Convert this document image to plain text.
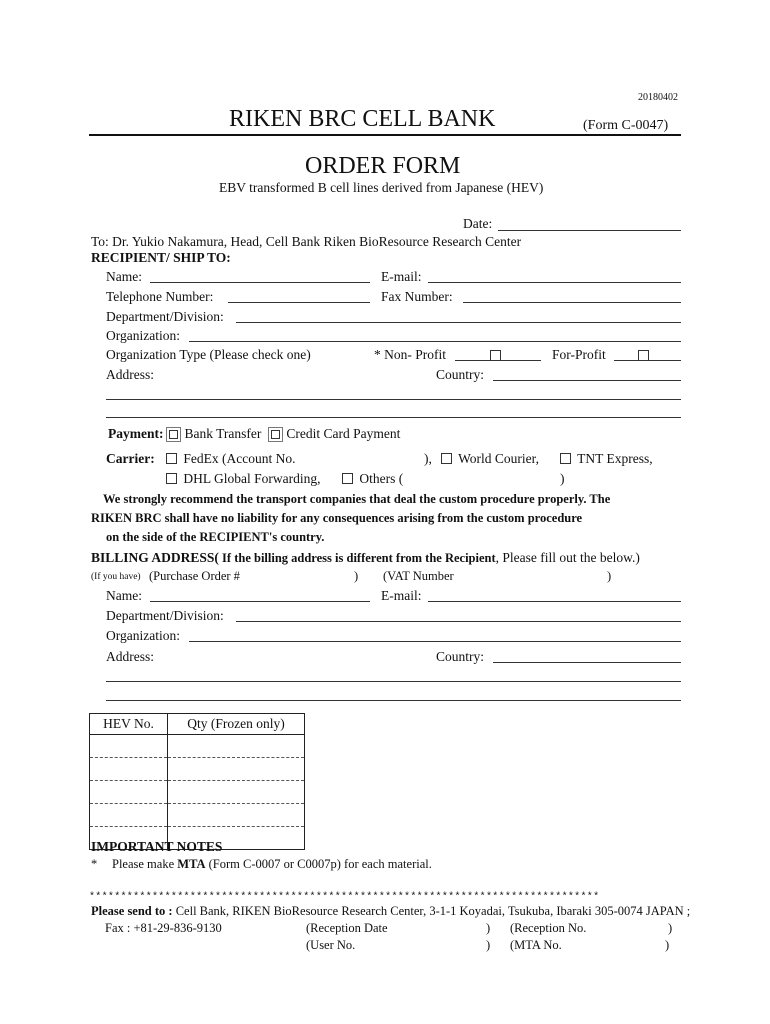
20180402
RIKEN BRC CELL BANK	(Form C-0047)
ORDER FORM
EBV transformed B cell lines derived from Japanese (HEV)
Date:
To: Dr. Yukio Nakamura, Head, Cell Bank Riken BioResource Research Center
RECIPIENT/ SHIP TO:
Name:	E-mail:
Telephone Number:	Fax Number:
Department/Division:
Organization:
Organization Type (Please check one)	* Non- Profit	For-Profit
Address:	Country:
Payment: Bank Transfer Credit Card Payment
Carrier:	FedEx (Account No.	),	World Courier,	TNT Express,
DHL Global Forwarding,	Others (	)
We strongly recommend the transport companies that deal the custom procedure properly. The
RIKEN BRC shall have no liability for any consequences arising from the custom procedure
on the side of the RECIPIENT's country.
BILLING ADDRESS( If the billing address is different from the Recipient, Please fill out the below.)
(If you have) (Purchase Order #	) (VAT Number	)
Name:	E-mail:
Department/Division:
Organization:
Address:	Country:
HEV No.	Qty (Frozen only)

IMPORTANT NOTES
* Please make MTA (Form C-0007 or C0007p) for each material.
*********************************************************************************
Please send to : Cell Bank, RIKEN BioResource Research Center, 3-1-1 Koyadai, Tsukuba, Ibaraki 305-0074 JAPAN ;
Fax : +81-29-836-9130	(Reception Date	) (Reception No.	)
(User No.	) (MTA No.	)
